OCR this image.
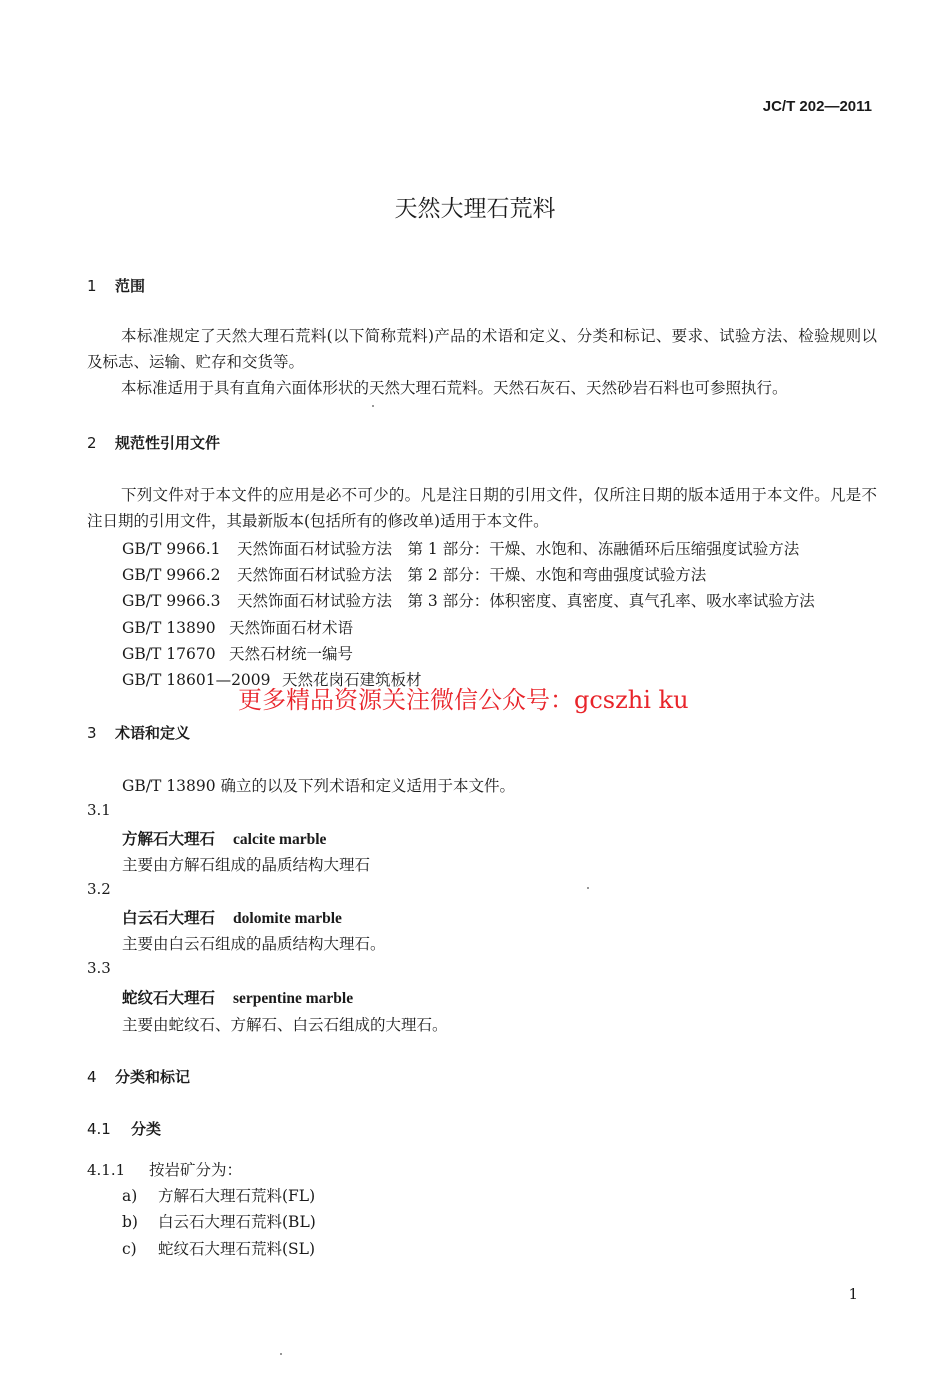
JC/T 202—2011
天然大理石荒料
1 范围
本标准规定了天然大理石荒料(以下简称荒料)产品的术语和定义、分类和标记、要求、试验方法、检验规则以及标志、运输、贮存和交货等。
本标准适用于具有直角六面体形状的天然大理石荒料。天然石灰石、天然砂岩石料也可参照执行。
2 规范性引用文件
下列文件对于本文件的应用是必不可少的。凡是注日期的引用文件，仅所注日期的版本适用于本文件。凡是不注日期的引用文件，其最新版本(包括所有的修改单)适用于本文件。
GB/T 9966.1 天然饰面石材试验方法　第 1 部分：干燥、水饱和、冻融循环后压缩强度试验方法
GB/T 9966.2 天然饰面石材试验方法　第 2 部分：干燥、水饱和弯曲强度试验方法
GB/T 9966.3 天然饰面石材试验方法　第 3 部分：体积密度、真密度、真气孔率、吸水率试验方法
GB/T 13890 天然饰面石材术语
GB/T 17670 天然石材统一编号
GB/T 18601—2009 天然花岗石建筑板材
更多精品资源关注微信公众号：gcszhi ku
3 术语和定义
GB/T 13890 确立的以及下列术语和定义适用于本文件。
3.1
方解石大理石 calcite marble
主要由方解石组成的晶质结构大理石
3.2
白云石大理石 dolomite marble
主要由白云石组成的晶质结构大理石。
3.3
蛇纹石大理石 serpentine marble
主要由蛇纹石、方解石、白云石组成的大理石。
4 分类和标记
4.1 分类
4.1.1 按岩矿分为：
a) 方解石大理石荒料(FL)
b) 白云石大理石荒料(BL)
c) 蛇纹石大理石荒料(SL)
1
